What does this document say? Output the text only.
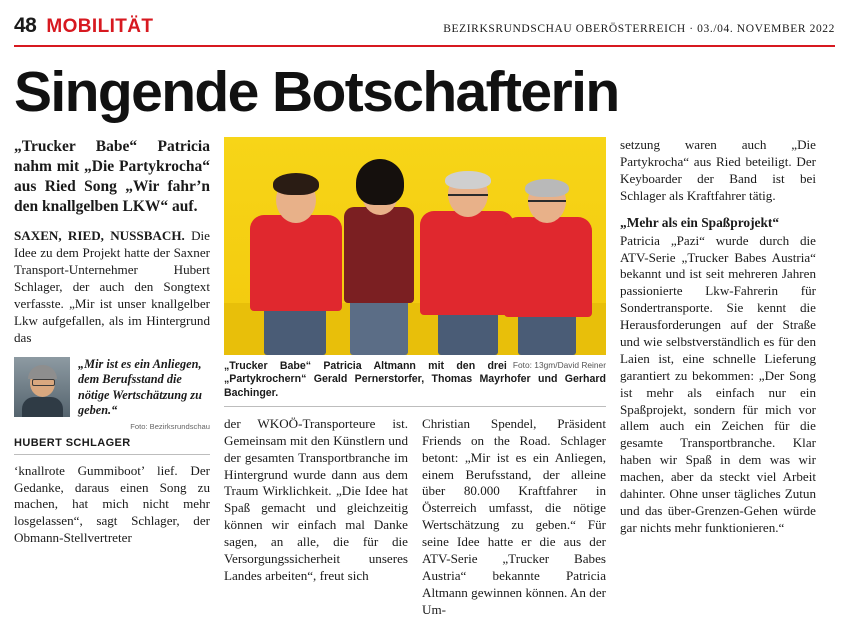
48 MOBILITÄT	BEZIRKSRUNDSCHAU OBERÖSTERREICH · 03./04. NOVEMBER 2022
Singende Botschafterin
„Trucker Babe“ Patricia nahm mit „Die Partykrocha“ aus Ried Song „Wir fahr’n den knallgelben LKW“ auf.

SAXEN, RIED, NUSSBACH. Die Idee zu dem Projekt hatte der Saxner Transport-Unternehmer Hubert Schlager, der auch den Songtext verfasste. „Mir ist unser knallgelber Lkw aufgefallen, als im Hintergrund das

„Mir ist es ein Anliegen, dem Berufsstand die nötige Wertschätzung zu geben.“
Foto: Bezirksrundschau
HUBERT SCHLAGER

‘knallrote Gummiboot’ lief. Der Gedanke, daraus einen Song zu machen, hat mich nicht mehr losgelassen“, sagt Schlager, der Obmann-Stellvertreter

Foto: 13gm/David Reiner
„Trucker Babe“ Patricia Altmann mit den drei „Partykrochern“ Gerald Pernerstorfer, Thomas Mayrhofer und Gerhard Bachinger.

der WKOÖ-Transporteure ist. Gemeinsam mit den Künstlern und der gesamten Transportbranche im Hintergrund wurde dann aus dem Traum Wirklichkeit. „Die Idee hat Spaß gemacht und gleichzeitig können wir einfach mal Danke sagen, an alle, die für die Versorgungssicherheit unseres Landes arbeiten“, freut sich

Christian Spendel, Präsident Friends on the Road. Schlager betont: „Mir ist es ein Anliegen, einem Berufsstand, der alleine über 80.000 Kraftfahrer in Österreich umfasst, die nötige Wertschätzung zu geben.“ Für seine Idee hatte er die aus der ATV-Serie „Trucker Babes Austria“ bekannte Patricia Altmann gewinnen können. An der Um-

setzung waren auch „Die Partykrocha“ aus Ried beteiligt. Der Keyboarder der Band ist bei Schlager als Kraftfahrer tätig.

„Mehr als ein Spaßprojekt“

Patricia „Pazi“ wurde durch die ATV-Serie „Trucker Babes Austria“ bekannt und ist seit mehreren Jahren passionierte Lkw-Fahrerin für Sondertransporte. Sie kennt die Herausforderungen auf der Straße und wie selbstverständlich es für den Laien ist, eine schnelle Lieferung garantiert zu bekommen: „Der Song ist mehr als einfach nur ein Spaßprojekt, sondern für mich vor allem auch ein Zeichen für die gesamte Transportbranche. Klar haben wir Spaß in dem was wir machen, aber da steckt viel Arbeit dahinter. Ohne unser tägliches Zutun und das über-Grenzen-Gehen würde gar nichts mehr funktionieren.“
